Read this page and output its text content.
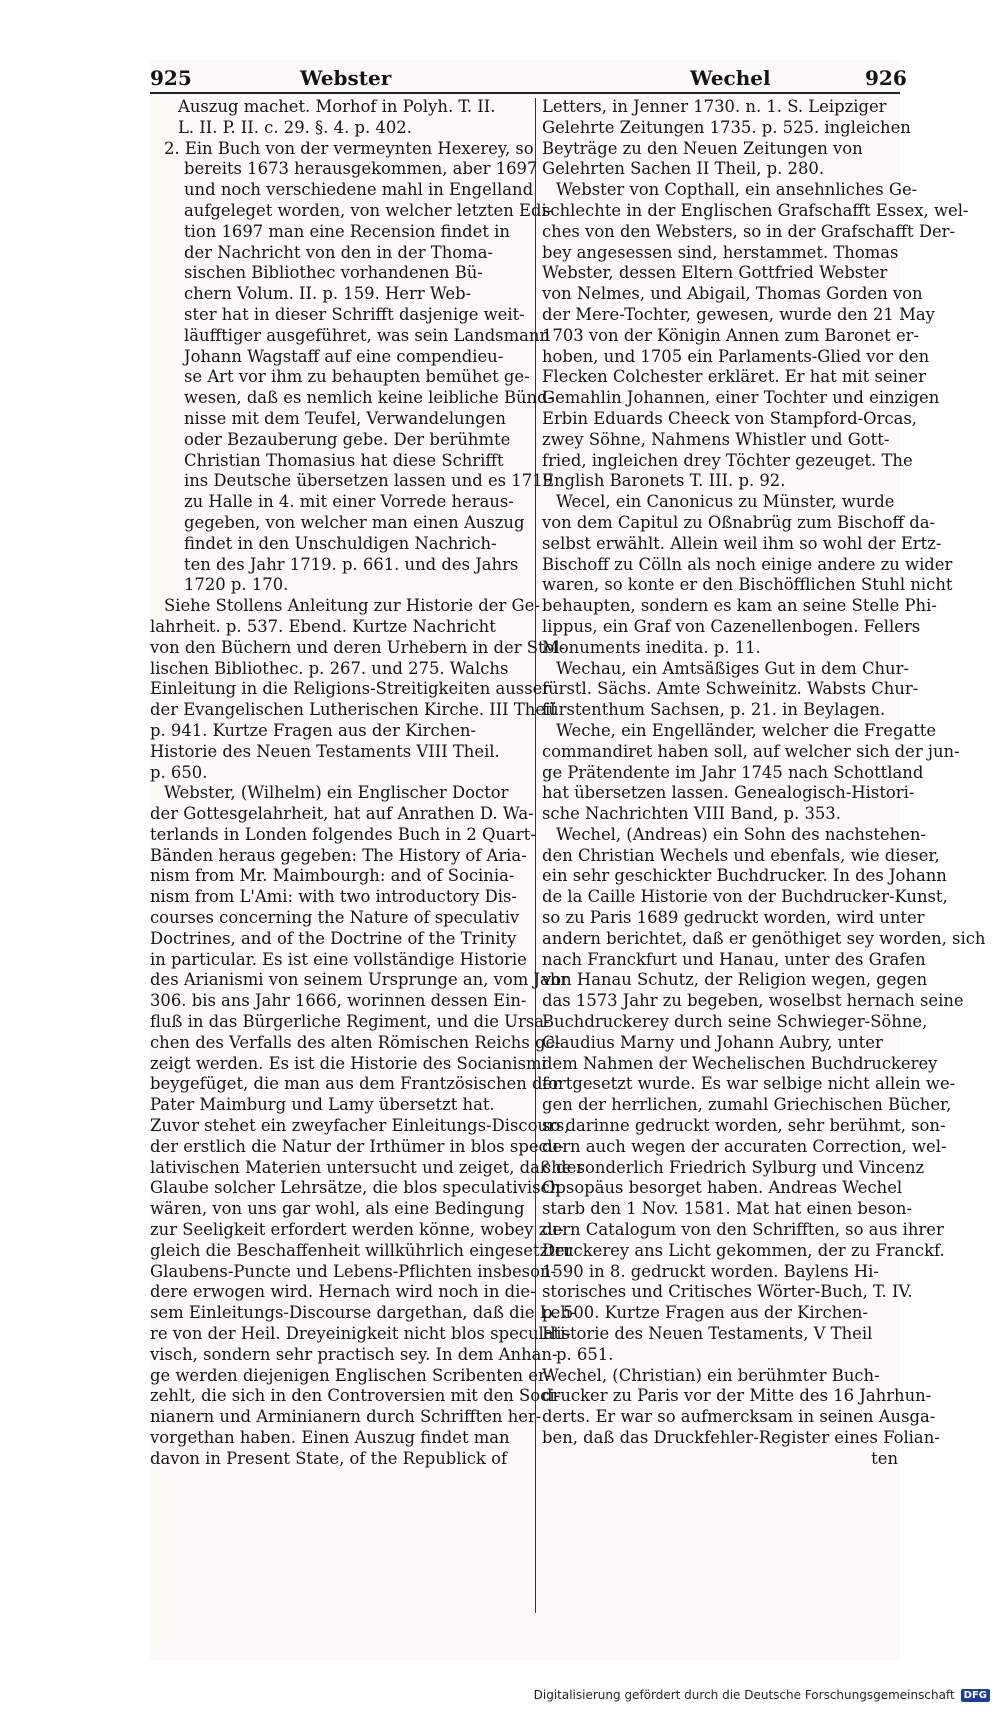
925	Webster	Wechel	926
Auszug machet. Morhof in Polyh. T. II.
L. II. P. II. c. 29. §. 4. p. 402.
2. Ein Buch von der vermeynten Hexerey, so
bereits 1673 herausgekommen, aber 1697
und noch verschiedene mahl in Engelland
aufgeleget worden, von welcher letzten Edi-
tion 1697 man eine Recension findet in
der Nachricht von den in der Thoma-
sischen Bibliothec vorhandenen Bü-
chern Volum. II. p. 159. Herr Web-
ster hat in dieser Schrifft dasjenige weit-
läufftiger ausgeführet, was sein Landsmann
Johann Wagstaff auf eine compendieu-
se Art vor ihm zu behaupten bemühet ge-
wesen, daß es nemlich keine leibliche Bünd-
nisse mit dem Teufel, Verwandelungen
oder Bezauberung gebe. Der berühmte
Christian Thomasius hat diese Schrifft
ins Deutsche übersetzen lassen und es 1719
zu Halle in 4. mit einer Vorrede heraus-
gegeben, von welcher man einen Auszug
findet in den Unschuldigen Nachrich-
ten des Jahr 1719. p. 661. und des Jahrs
1720 p. 170.
Siehe Stollens Anleitung zur Historie der Ge-
lahrheit. p. 537. Ebend. Kurtze Nachricht
von den Büchern und deren Urhebern in der Stol-
lischen Bibliothec. p. 267. und 275. Walchs
Einleitung in die Religions-Streitigkeiten ausser
der Evangelischen Lutherischen Kirche. III Theil
p. 941. Kurtze Fragen aus der Kirchen-
Historie des Neuen Testaments VIII Theil.
p. 650.
Webster, (Wilhelm) ein Englischer Doctor
der Gottesgelahrheit, hat auf Anrathen D. Wa-
terlands in Londen folgendes Buch in 2 Quart-
Bänden heraus gegeben: The History of Aria-
nism from Mr. Maimbourgh: and of Socinia-
nism from L'Ami: with two introductory Dis-
courses concerning the Nature of speculativ
Doctrines, and of the Doctrine of the Trinity
in particular. Es ist eine vollständige Historie
des Arianismi von seinem Ursprunge an, vom Jahr
306. bis ans Jahr 1666, worinnen dessen Ein-
fluß in das Bürgerliche Regiment, und die Ursa-
chen des Verfalls des alten Römischen Reichs ge-
zeigt werden. Es ist die Historie des Socianismi
beygefüget, die man aus dem Frantzösischen der
Pater Maimburg und Lamy übersetzt hat.
Zuvor stehet ein zweyfacher Einleitungs-Discours,
der erstlich die Natur der Irthümer in blos specu-
lativischen Materien untersucht und zeiget, daß der
Glaube solcher Lehrsätze, die blos speculativisch
wären, von uns gar wohl, als eine Bedingung
zur Seeligkeit erfordert werden könne, wobey zu-
gleich die Beschaffenheit willkührlich eingesetzter
Glaubens-Puncte und Lebens-Pflichten insbeson-
dere erwogen wird. Hernach wird noch in die-
sem Einleitungs-Discourse dargethan, daß die Leh-
re von der Heil. Dreyeinigkeit nicht blos speculati-
visch, sondern sehr practisch sey. In dem Anhan-
ge werden diejenigen Englischen Scribenten er-
zehlt, die sich in den Controversien mit den Soci-
nianern und Arminianern durch Schrifften her-
vorgethan haben. Einen Auszug findet man
davon in Present State, of the Republick of
Letters, in Jenner 1730. n. 1. S. Leipziger
Gelehrte Zeitungen 1735. p. 525. ingleichen
Beyträge zu den Neuen Zeitungen von
Gelehrten Sachen II Theil, p. 280.
Webster von Copthall, ein ansehnliches Ge-
schlechte in der Englischen Grafschafft Essex, wel-
ches von den Websters, so in der Grafschafft Der-
bey angesessen sind, herstammet. Thomas
Webster, dessen Eltern Gottfried Webster
von Nelmes, und Abigail, Thomas Gorden von
der Mere-Tochter, gewesen, wurde den 21 May
1703 von der Königin Annen zum Baronet er-
hoben, und 1705 ein Parlaments-Glied vor den
Flecken Colchester erkläret. Er hat mit seiner
Gemahlin Johannen, einer Tochter und einzigen
Erbin Eduards Cheeck von Stampford-Orcas,
zwey Söhne, Nahmens Whistler und Gott-
fried, ingleichen drey Töchter gezeuget. The
English Baronets T. III. p. 92.
Wecel, ein Canonicus zu Münster, wurde
von dem Capitul zu Oßnabrüg zum Bischoff da-
selbst erwählt. Allein weil ihm so wohl der Ertz-
Bischoff zu Cölln als noch einige andere zu wider
waren, so konte er den Bischöfflichen Stuhl nicht
behaupten, sondern es kam an seine Stelle Phi-
lippus, ein Graf von Cazenellenbogen. Fellers
Monuments inedita. p. 11.
Wechau, ein Amtsäßiges Gut in dem Chur-
fürstl. Sächs. Amte Schweinitz. Wabsts Chur-
fürstenthum Sachsen, p. 21. in Beylagen.
Weche, ein Engelländer, welcher die Fregatte
commandiret haben soll, auf welcher sich der jun-
ge Prätendente im Jahr 1745 nach Schottland
hat übersetzen lassen. Genealogisch-Histori-
sche Nachrichten VIII Band, p. 353.
Wechel, (Andreas) ein Sohn des nachstehen-
den Christian Wechels und ebenfals, wie dieser,
ein sehr geschickter Buchdrucker. In des Johann
de la Caille Historie von der Buchdrucker-Kunst,
so zu Paris 1689 gedruckt worden, wird unter
andern berichtet, daß er genöthiget sey worden, sich
nach Franckfurt und Hanau, unter des Grafen
von Hanau Schutz, der Religion wegen, gegen
das 1573 Jahr zu begeben, woselbst hernach seine
Buchdruckerey durch seine Schwieger-Söhne,
Claudius Marny und Johann Aubry, unter
dem Nahmen der Wechelischen Buchdruckerey
fortgesetzt wurde. Es war selbige nicht allein we-
gen der herrlichen, zumahl Griechischen Bücher,
so darinne gedruckt worden, sehr berühmt, son-
dern auch wegen der accuraten Correction, wel-
che sonderlich Friedrich Sylburg und Vincenz
Opsopäus besorget haben. Andreas Wechel
starb den 1 Nov. 1581. Mat hat einen beson-
dern Catalogum von den Schrifften, so aus ihrer
Druckerey ans Licht gekommen, der zu Franckf.
1590 in 8. gedruckt worden. Baylens Hi-
storisches und Critisches Wörter-Buch, T. IV.
p. 500. Kurtze Fragen aus der Kirchen-
Historie des Neuen Testaments, V Theil
p. 651.
Wechel, (Christian) ein berühmter Buch-
drucker zu Paris vor der Mitte des 16 Jahrhun-
derts. Er war so aufmercksam in seinen Ausga-
ben, daß das Druckfehler-Register eines Folian-
ten
Digitalisierung gefördert durch die Deutsche Forschungsgemeinschaft DFG
